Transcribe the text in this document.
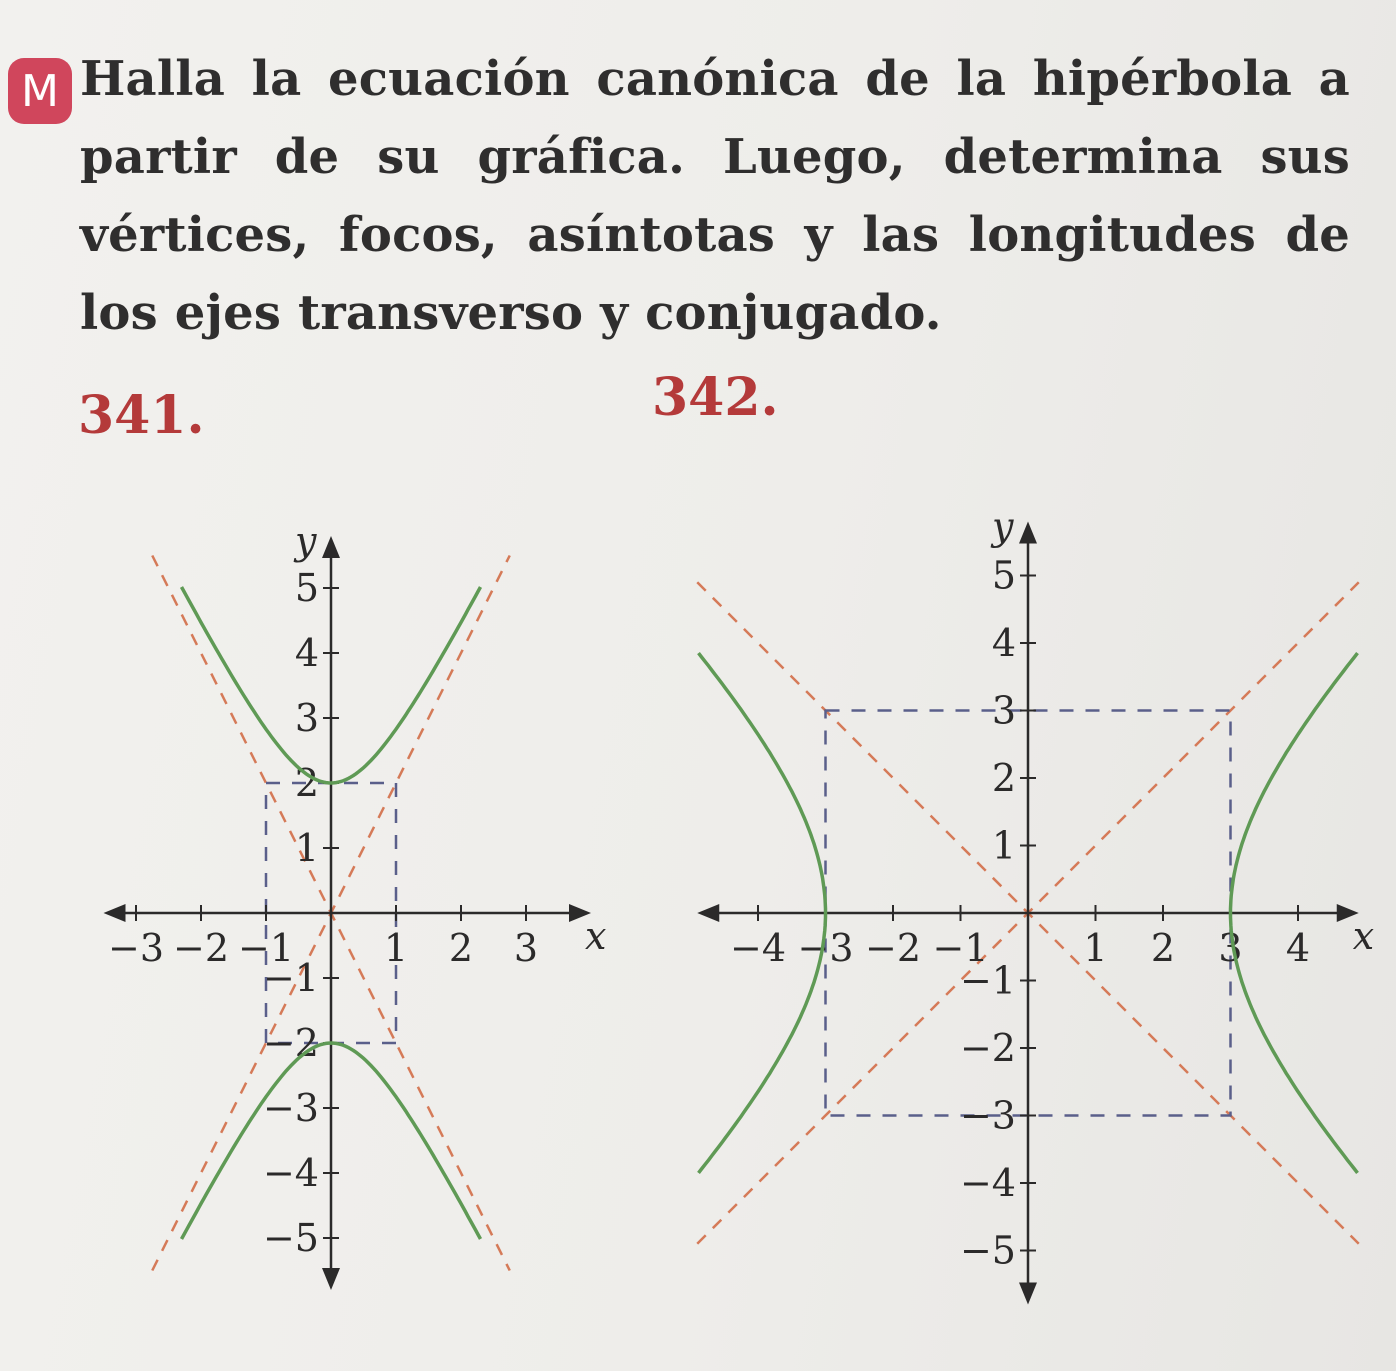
M Halla la ecuación canónica de la hipérbola a partir de su gráfica. Luego, determina sus vértices, focos, asíntotas y las longitudes de los ejes transverso y conjugado.
341.	342.
−3 −2 −1 1 2 3
5
4
3
2
1
−1
−2
−3
−4
−5
x
y
−4 −3 −2 −1 1 2 3 4
5
4
3
2
1
−1
−2
−3
−4
−5
x
y
